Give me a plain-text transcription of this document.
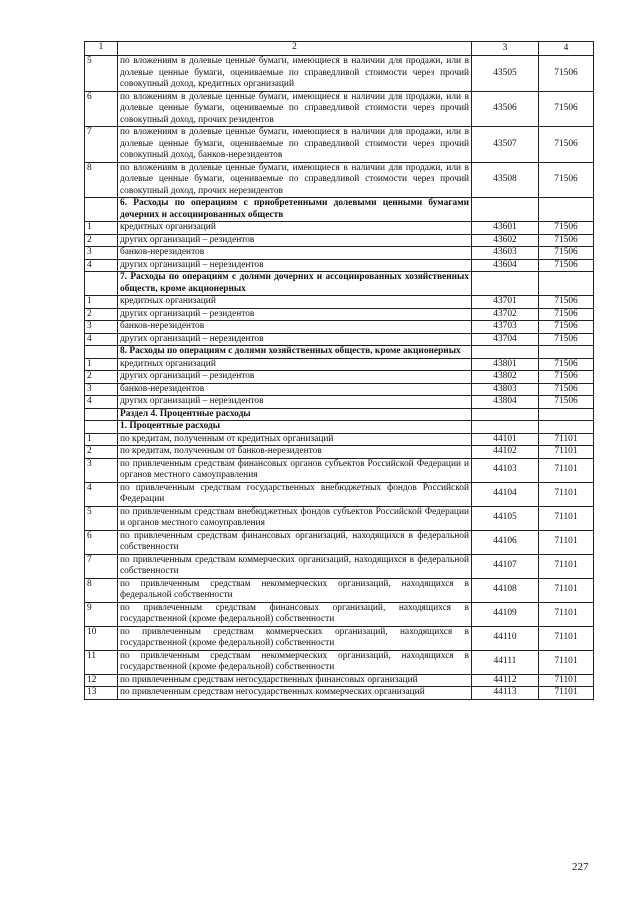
1	2	3	4
5	по вложениям в долевые ценные бумаги, имеющиеся в наличии для продажи, или в долевые ценные бумаги, оцениваемые по справедливой стоимости через прочий совокупный доход, кредитных организаций	43505	71506
6	по вложениям в долевые ценные бумаги, имеющиеся в наличии для продажи, или в долевые ценные бумаги, оцениваемые по справедливой стоимости через прочий совокупный доход, прочих резидентов	43506	71506
7	по вложениям в долевые ценные бумаги, имеющиеся в наличии для продажи, или в долевые ценные бумаги, оцениваемые по справедливой стоимости через прочий совокупный доход, банков-нерезидентов	43507	71506
8	по вложениям в долевые ценные бумаги, имеющиеся в наличии для продажи, или в долевые ценные бумаги, оцениваемые по справедливой стоимости через прочий совокупный доход, прочих нерезидентов	43508	71506
	6. Расходы по операциям с приобретенными долевыми ценными бумагами дочерних и ассоциированных обществ		
1	кредитных организаций	43601	71506
2	других организаций – резидентов	43602	71506
3	банков-нерезидентов	43603	71506
4	других организаций – нерезидентов	43604	71506
	7. Расходы по операциям с долями дочерних и ассоциированных хозяйственных обществ, кроме акционерных		
1	кредитных организаций	43701	71506
2	других организаций – резидентов	43702	71506
3	банков-нерезидентов	43703	71506
4	других организаций – нерезидентов	43704	71506
	8. Расходы по операциям с долями хозяйственных обществ, кроме акционерных		
1	кредитных организаций	43801	71506
2	других организаций – резидентов	43802	71506
3	банков-нерезидентов	43803	71506
4	других организаций – нерезидентов	43804	71506
	Раздел 4. Процентные расходы		
	1. Процентные расходы		
1	по кредитам, полученным от кредитных организаций	44101	71101
2	по кредитам, полученным от банков-нерезидентов	44102	71101
3	по привлеченным средствам финансовых органов субъектов Российской Федерации и органов местного самоуправления	44103	71101
4	по привлеченным средствам государственных внебюджетных фондов Российской Федерации	44104	71101
5	по привлеченным средствам внебюджетных фондов субъектов Российской Федерации и органов местного самоуправления	44105	71101
6	по привлеченным средствам финансовых организаций, находящихся в федеральной собственности	44106	71101
7	по привлеченным средствам коммерческих организаций, находящихся в федеральной собственности	44107	71101
8	по привлеченным средствам некоммерческих организаций, находящихся в федеральной собственности	44108	71101
9	по привлеченным средствам финансовых организаций, находящихся в государственной (кроме федеральной) собственности	44109	71101
10	по привлеченным средствам коммерческих организаций, находящихся в государственной (кроме федеральной) собственности	44110	71101
11	по привлеченным средствам некоммерческих организаций, находящихся в государственной (кроме федеральной) собственности	44111	71101
12	по привлеченным средствам негосударственных финансовых организаций	44112	71101
13	по привлеченным средствам негосударственных коммерческих организаций	44113	71101
227
